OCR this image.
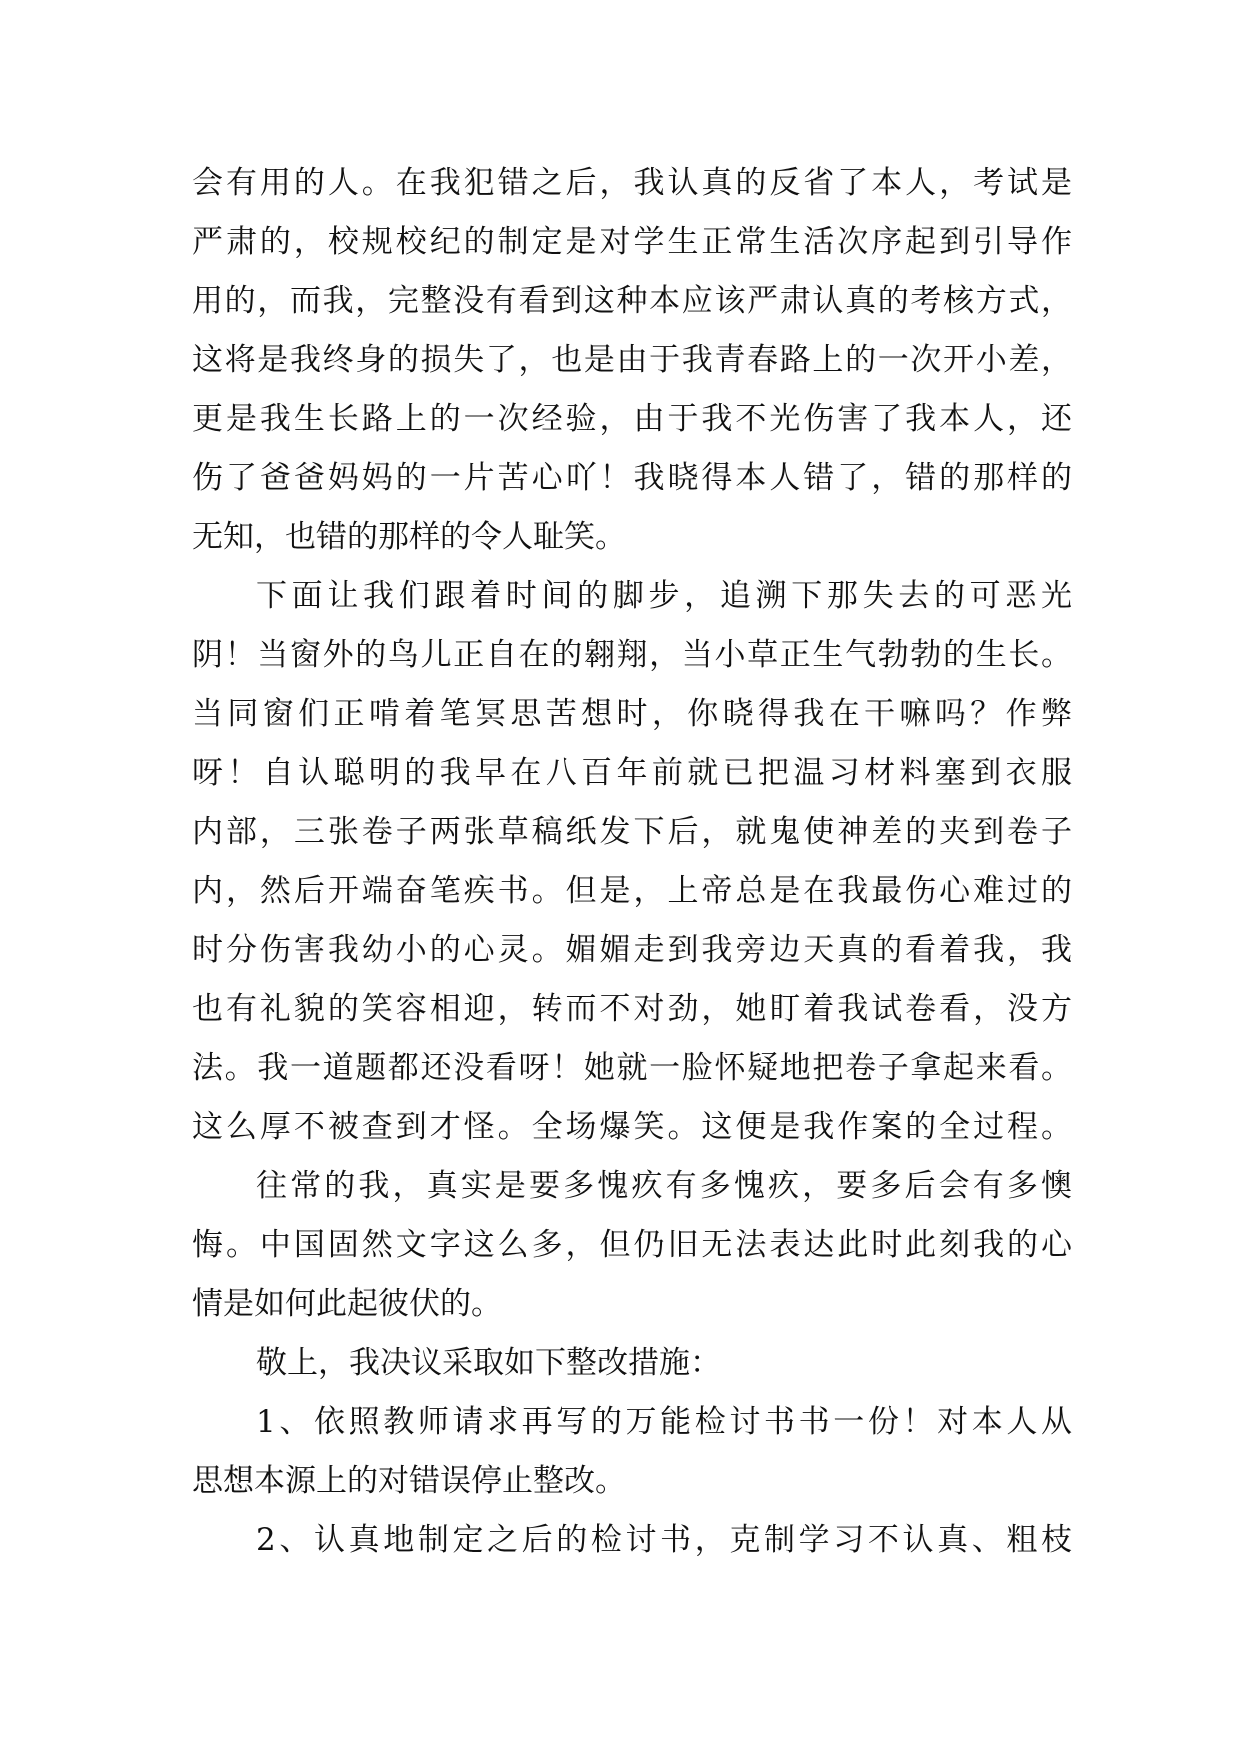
会有用的人。在我犯错之后，我认真的反省了本人，考试是
严肃的，校规校纪的制定是对学生正常生活次序起到引导作
用的，而我，完整没有看到这种本应该严肃认真的考核方式，
这将是我终身的损失了，也是由于我青春路上的一次开小差，
更是我生长路上的一次经验，由于我不光伤害了我本人，还
伤了爸爸妈妈的一片苦心吖！我晓得本人错了，错的那样的
无知，也错的那样的令人耻笑。
下面让我们跟着时间的脚步，追溯下那失去的可恶光
阴！当窗外的鸟儿正自在的翱翔，当小草正生气勃勃的生长。
当同窗们正啃着笔冥思苦想时，你晓得我在干嘛吗？作弊
呀！自认聪明的我早在八百年前就已把温习材料塞到衣服
内部，三张卷子两张草稿纸发下后，就鬼使神差的夹到卷子
内，然后开端奋笔疾书。但是，上帝总是在我最伤心难过的
时分伤害我幼小的心灵。媚媚走到我旁边天真的看着我，我
也有礼貌的笑容相迎，转而不对劲，她盯着我试卷看，没方
法。我一道题都还没看呀！她就一脸怀疑地把卷子拿起来看。
这么厚不被查到才怪。全场爆笑。这便是我作案的全过程。
往常的我，真实是要多愧疚有多愧疚，要多后会有多懊
悔。中国固然文字这么多，但仍旧无法表达此时此刻我的心
情是如何此起彼伏的。
敬上，我决议采取如下整改措施：
1、依照教师请求再写的万能检讨书书一份！对本人从
思想本源上的对错误停止整改。
2、认真地制定之后的检讨书，克制学习不认真、粗枝
